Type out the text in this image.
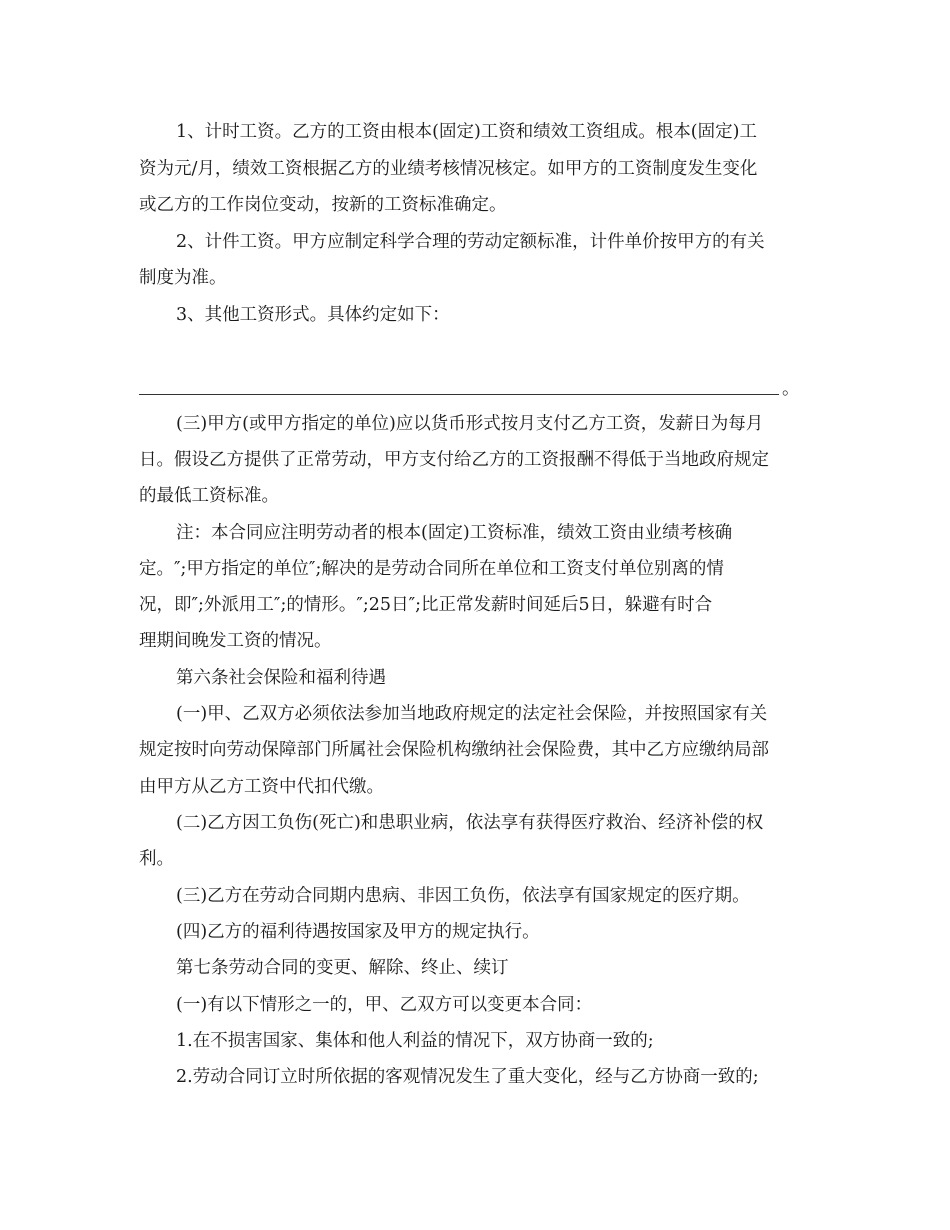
1、计时工资。乙方的工资由根本(固定)工资和绩效工资组成。根本(固定)工
资为元/月，绩效工资根据乙方的业绩考核情况核定。如甲方的工资制度发生变化
或乙方的工作岗位变动，按新的工资标准确定。
2、计件工资。甲方应制定科学合理的劳动定额标准，计件单价按甲方的有关
制度为准。
3、其他工资形式。具体约定如下：
。
(三)甲方(或甲方指定的单位)应以货币形式按月支付乙方工资，发薪日为每月
日。假设乙方提供了正常劳动，甲方支付给乙方的工资报酬不得低于当地政府规定
的最低工资标准。
注：本合同应注明劳动者的根本(固定)工资标准，绩效工资由业绩考核确
定。″;甲方指定的单位″;解决的是劳动合同所在单位和工资支付单位别离的情
况，即″;外派用工″;的情形。″;25日″;比正常发薪时间延后5日，躲避有时合
理期间晚发工资的情况。
第六条社会保险和福利待遇
(一)甲、乙双方必须依法参加当地政府规定的法定社会保险，并按照国家有关
规定按时向劳动保障部门所属社会保险机构缴纳社会保险费，其中乙方应缴纳局部
由甲方从乙方工资中代扣代缴。
(二)乙方因工负伤(死亡)和患职业病，依法享有获得医疗救治、经济补偿的权
利。
(三)乙方在劳动合同期内患病、非因工负伤，依法享有国家规定的医疗期。
(四)乙方的福利待遇按国家及甲方的规定执行。
第七条劳动合同的变更、解除、终止、续订
(一)有以下情形之一的，甲、乙双方可以变更本合同：
1.在不损害国家、集体和他人利益的情况下，双方协商一致的;
2.劳动合同订立时所依据的客观情况发生了重大变化，经与乙方协商一致的;
